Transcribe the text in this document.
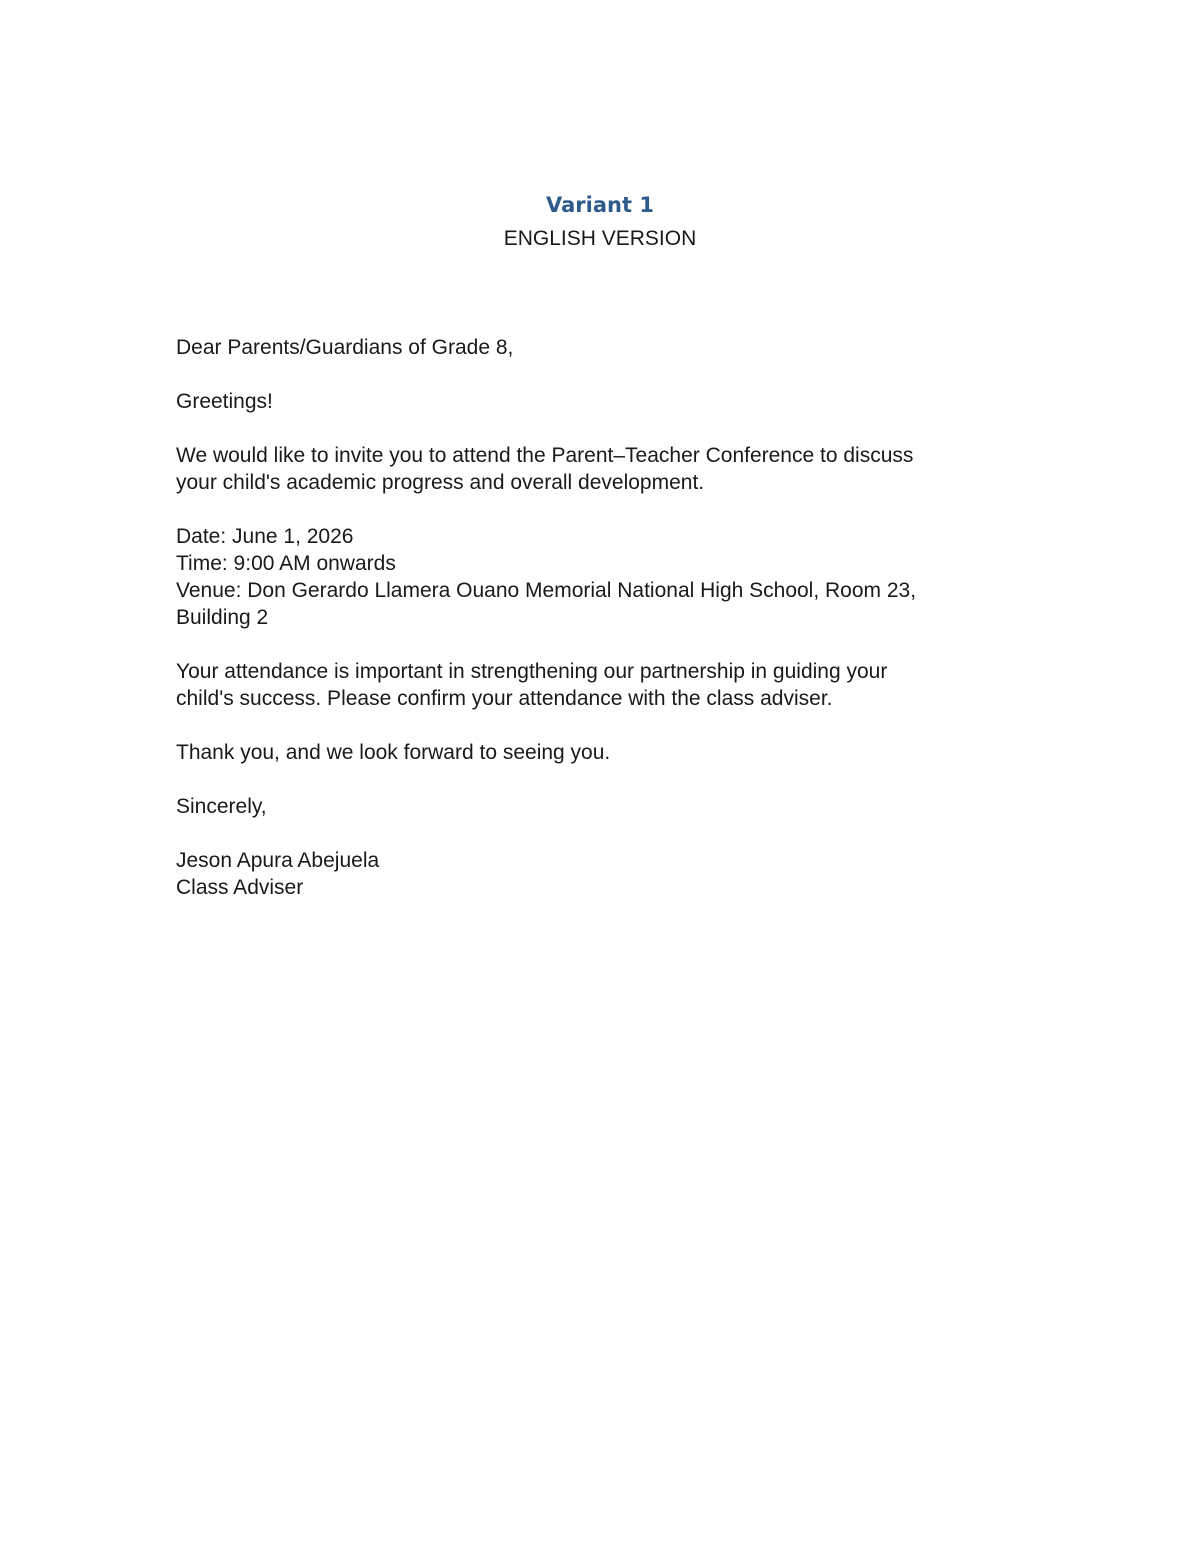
Variant 1

ENGLISH VERSION

Dear Parents/Guardians of Grade 8,

Greetings!

We would like to invite you to attend the Parent–Teacher Conference to discuss
your child's academic progress and overall development.

Date: June 1, 2026
Time: 9:00 AM onwards
Venue: Don Gerardo Llamera Ouano Memorial National High School, Room 23,
Building 2

Your attendance is important in strengthening our partnership in guiding your
child's success. Please confirm your attendance with the class adviser.

Thank you, and we look forward to seeing you.

Sincerely,

Jeson Apura Abejuela
Class Adviser
